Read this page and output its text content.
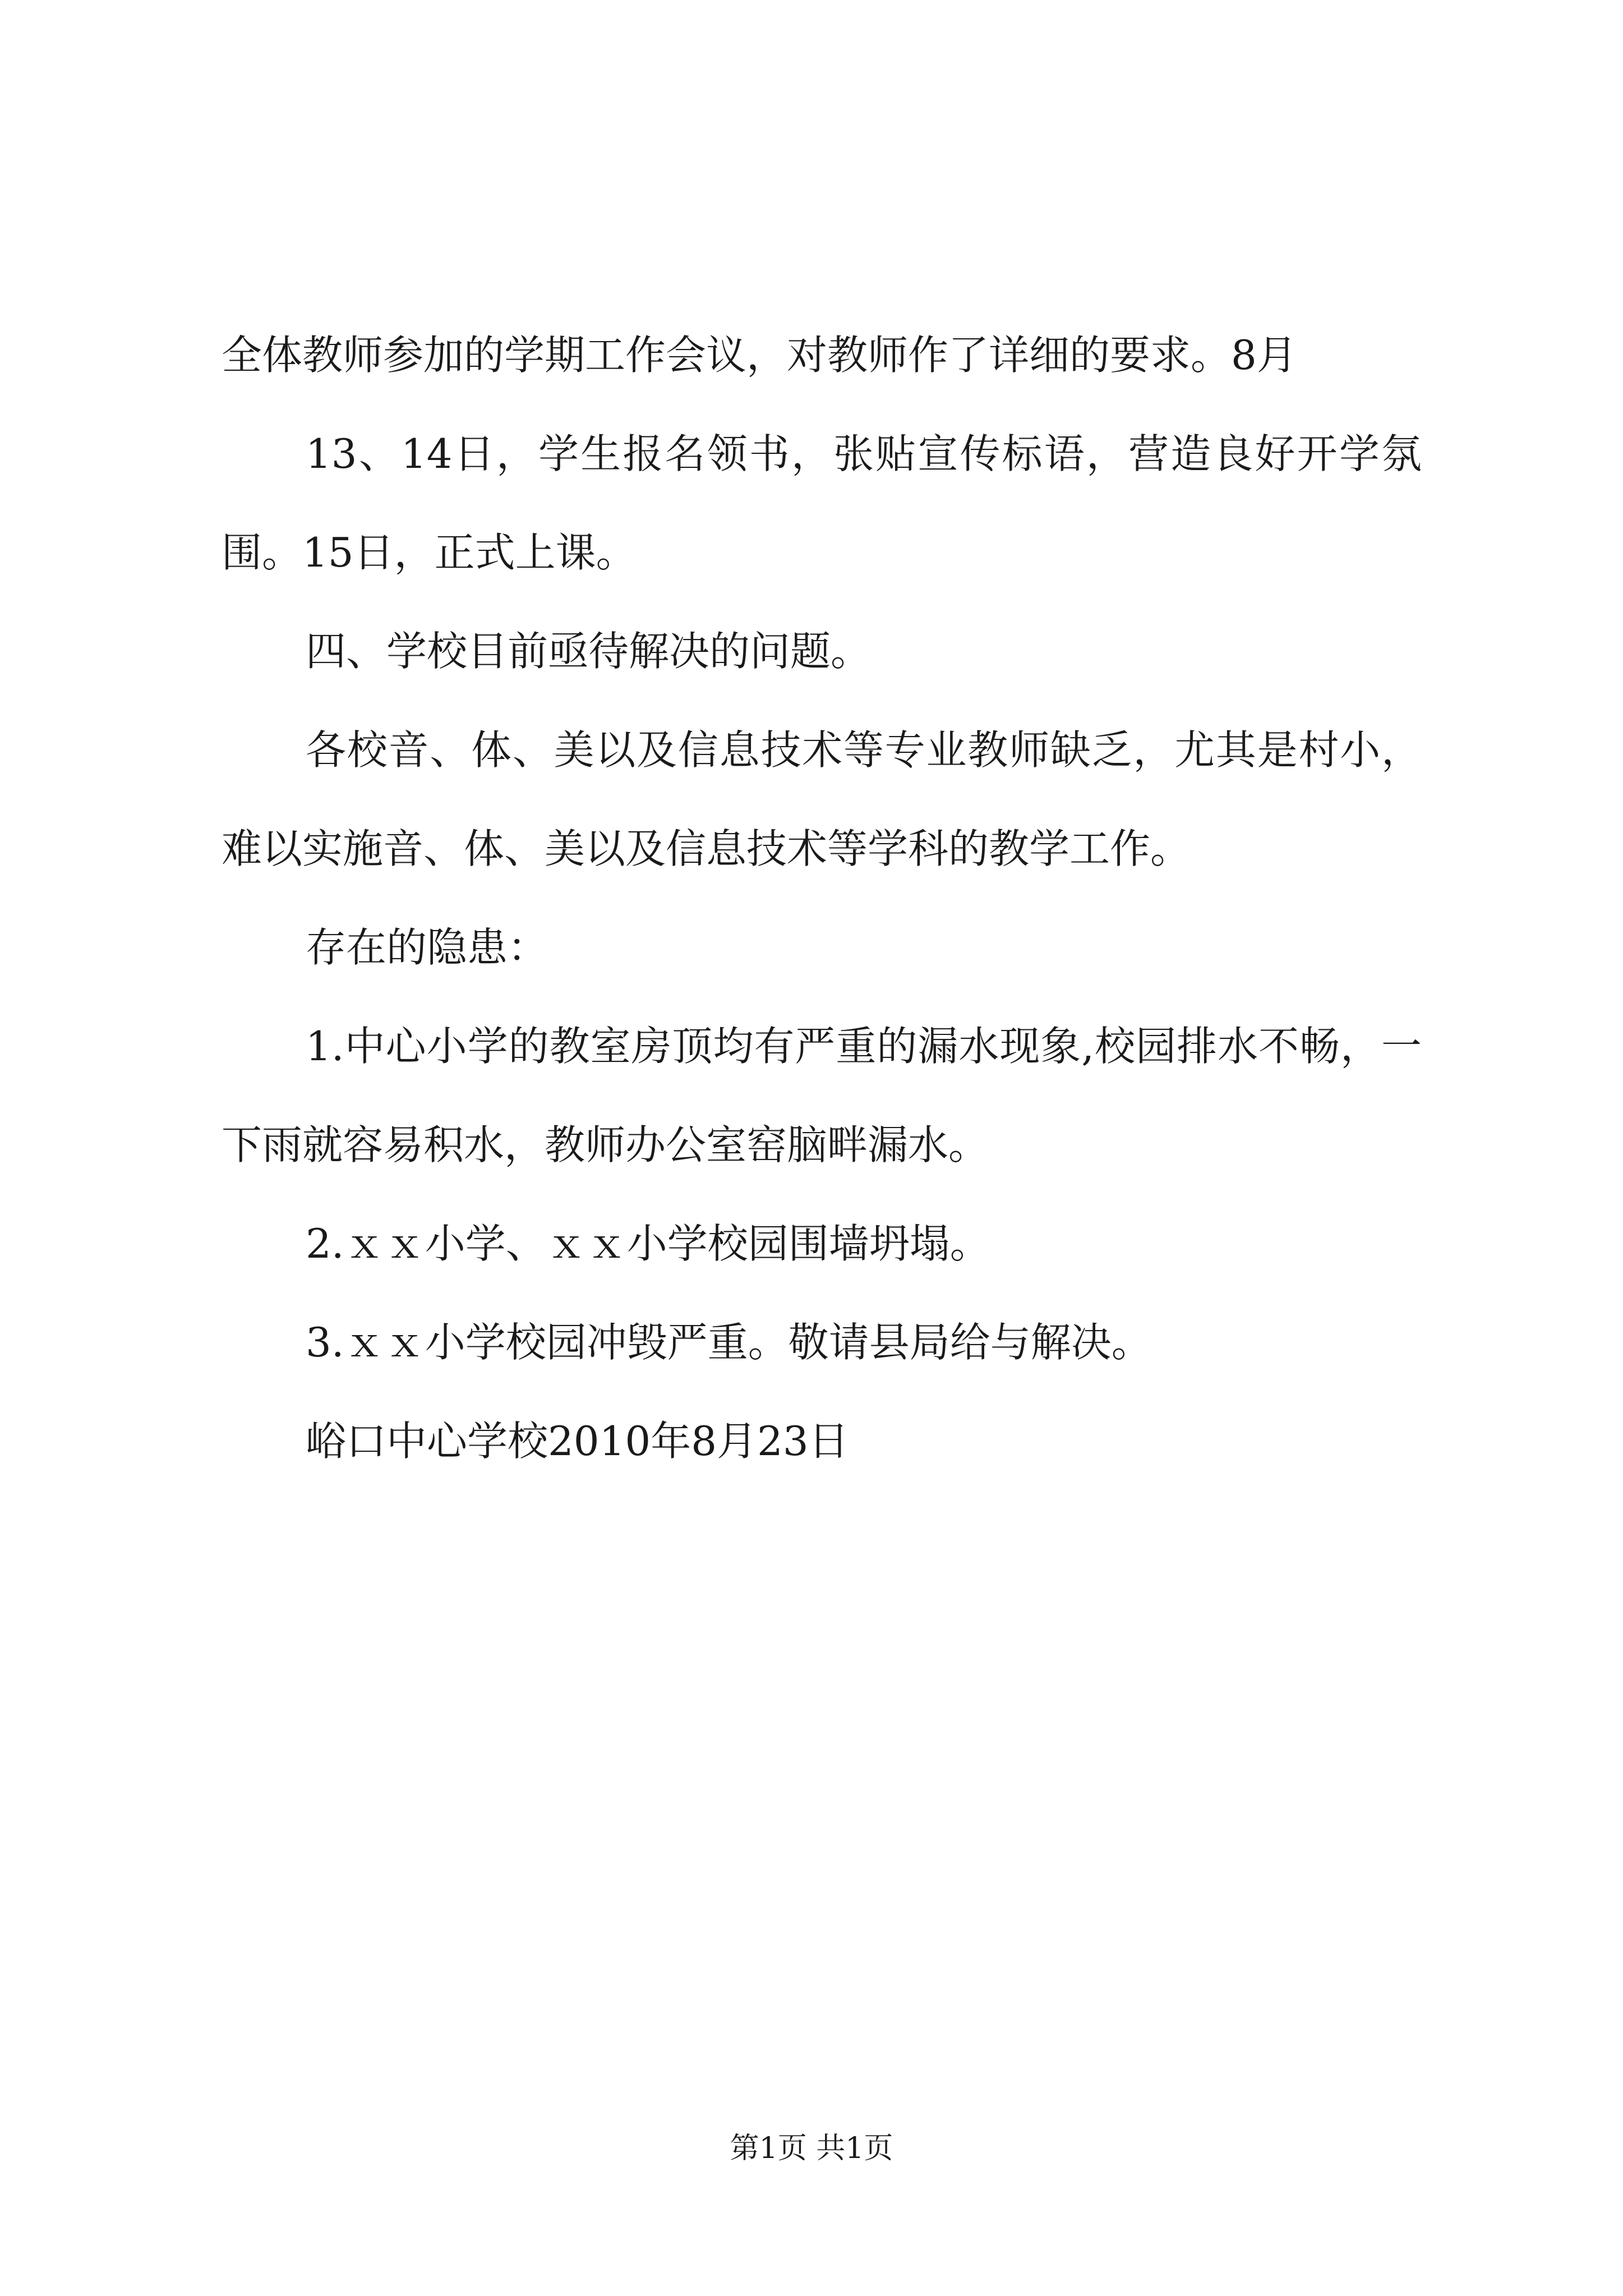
全体教师参加的学期工作会议，对教师作了详细的要求。8月

13、14日，学生报名领书，张贴宣传标语，营造良好开学氛围。15日，正式上课。

四、学校目前亟待解决的问题。

各校音、体、美以及信息技术等专业教师缺乏，尤其是村小，难以实施音、体、美以及信息技术等学科的教学工作。

存在的隐患：

1.中心小学的教室房顶均有严重的漏水现象,校园排水不畅，一下雨就容易积水，教师办公室窑脑畔漏水。

2.ｘｘ小学、ｘｘ小学校园围墙坍塌。

3.ｘｘ小学校园冲毁严重。敬请县局给与解决。

峪口中心学校2010年8月23日

第1页 共1页
